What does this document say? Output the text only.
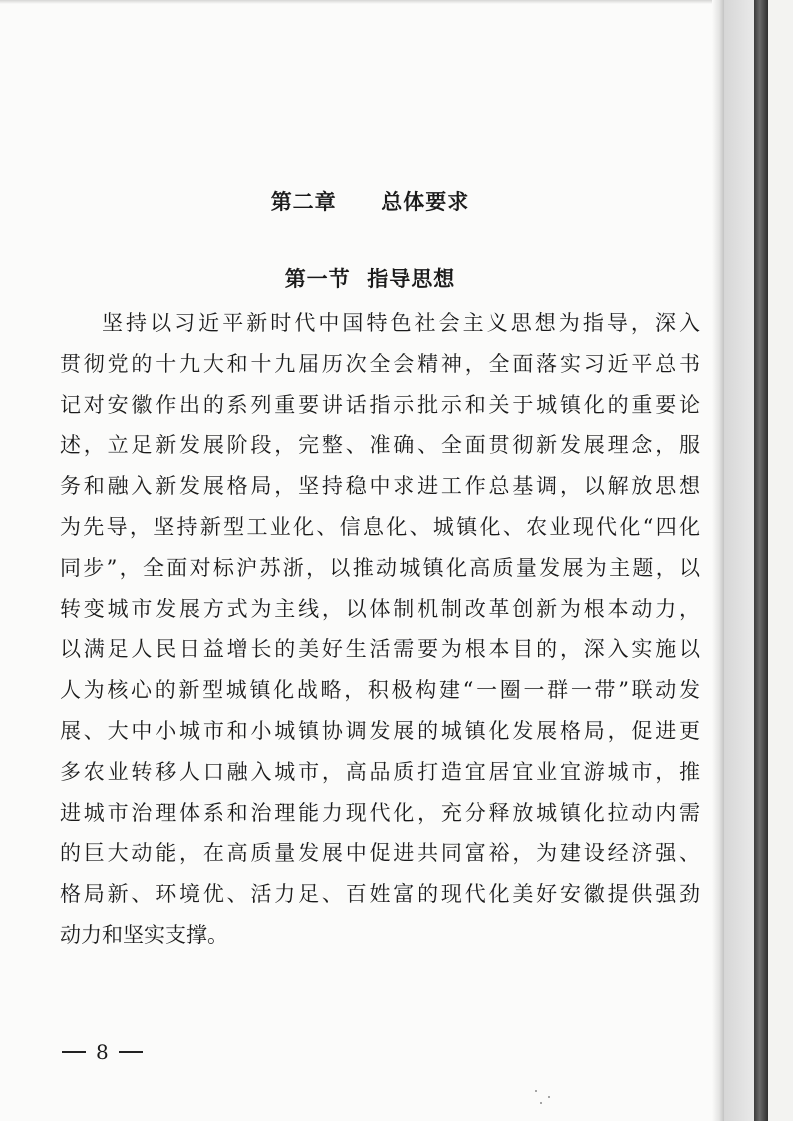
第二章  总体要求
第一节  指导思想
坚持以习近平新时代中国特色社会主义思想为指导，深入
贯彻党的十九大和十九届历次全会精神，全面落实习近平总书
记对安徽作出的系列重要讲话指示批示和关于城镇化的重要论
述，立足新发展阶段，完整、准确、全面贯彻新发展理念，服
务和融入新发展格局，坚持稳中求进工作总基调，以解放思想
为先导，坚持新型工业化、信息化、城镇化、农业现代化“四化
同步”，全面对标沪苏浙，以推动城镇化高质量发展为主题，以
转变城市发展方式为主线，以体制机制改革创新为根本动力，
以满足人民日益增长的美好生活需要为根本目的，深入实施以
人为核心的新型城镇化战略，积极构建“一圈一群一带”联动发
展、大中小城市和小城镇协调发展的城镇化发展格局，促进更
多农业转移人口融入城市，高品质打造宜居宜业宜游城市，推
进城市治理体系和治理能力现代化，充分释放城镇化拉动内需
的巨大动能，在高质量发展中促进共同富裕，为建设经济强、
格局新、环境优、活力足、百姓富的现代化美好安徽提供强劲
动力和坚实支撑。
8
